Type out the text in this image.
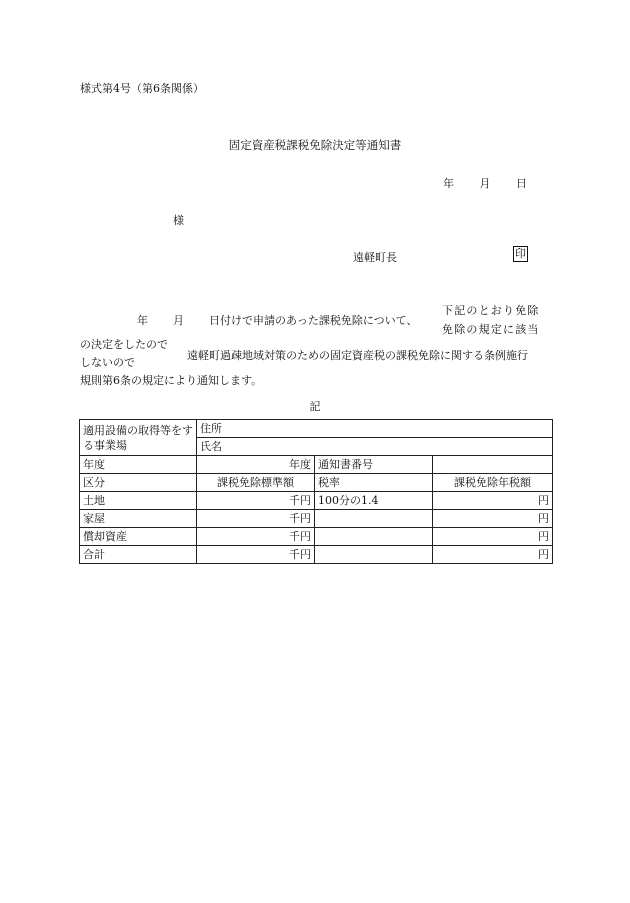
様式第4号（第6条関係）
固定資産税課税免除決定等通知書
年 月 日
様
遠軽町長	印
年 月 日付けで申請のあった課税免除について、
下記のとおり免除
免除の規定に該当
の決定をしたので
しないので
遠軽町過疎地域対策のための固定資産税の課税免除に関する条例施行
規則第6条の規定により通知します。
記
適用設備の取得等をする事業場	住所		
	氏名		
年度	年度	通知書番号	
区分	課税免除標準額	税率	課税免除年税額
土地	千円	100分の1.4	円
家屋	千円		円
償却資産	千円		円
合計	千円		円
